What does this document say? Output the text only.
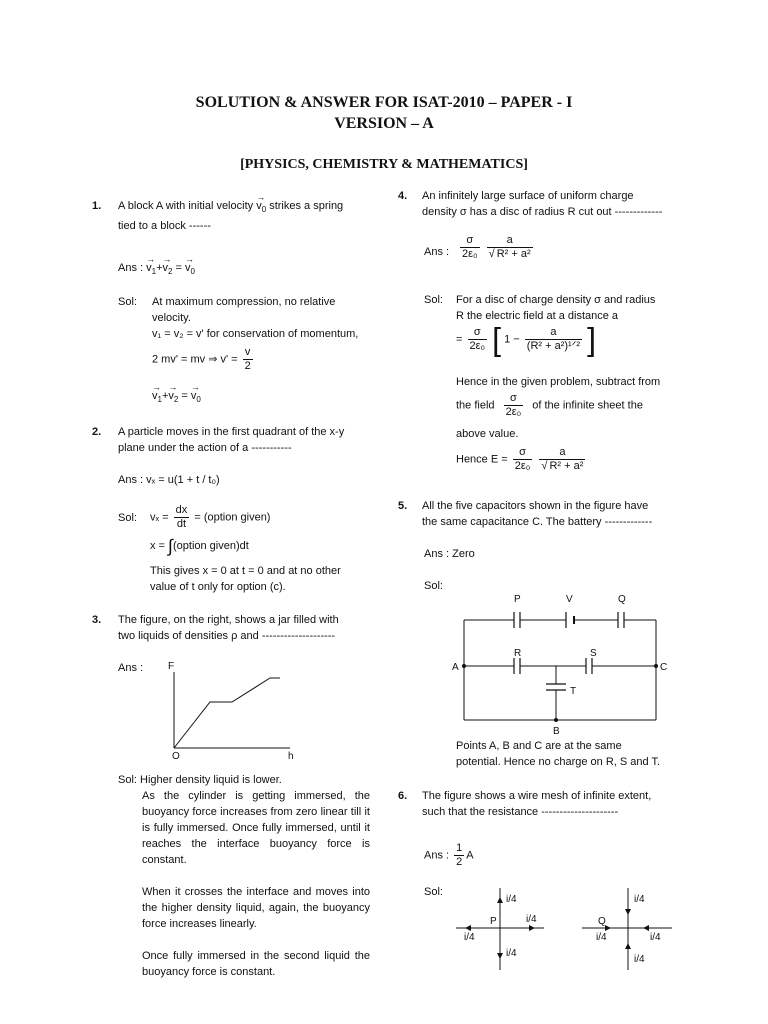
SOLUTION & ANSWER FOR ISAT-2010 – PAPER - I
VERSION – A
[PHYSICS, CHEMISTRY & MATHEMATICS]
1. A block A with initial velocity → $v_0$ strikes a spring
tied to a block ------
Ans : → $v_1+\to v_2$ = → $v_0$
Sol: At maximum compression, no relative
velocity.
v₁ = v₂ = v' for conservation of momentum,
2 mv' = mv ⇒ $v' = \frac{v}{2}$
→ $v_1+\to v_2$ = → $v_0$
2. A particle moves in the first quadrant of the x-y
plane under the action of a -----------
Ans : vₓ = u(1 + t / t₀)
Sol: $v_x = \frac{dx}{dt}$ = (option given)
x = ∫(option given)dt
This gives x = 0 at t = 0 and at no other
value of t only for option (c).
3. The figure, on the right, shows a jar filled with
two liquids of densities ρ and --------------------
Ans : F
O	h
Sol: Higher density liquid is lower.
As the cylinder is getting immersed, the buoyancy force increases from zero linear till it is fully immersed. Once fully immersed, until it reaches the interface buoyancy force is constant.
When it crosses the interface and moves into the higher density liquid, again, the buoyancy force increases linearly.
Once fully immersed in the second liquid the buoyancy force is constant.
4. An infinitely large surface of uniform charge
density σ has a disc of radius R cut out -------------
Ans : $\frac{\sigma}{\text{2ε₀}}$
$\frac{a}{\text{√ R² + a²}}$
Sol: For a disc of charge density σ and radius
R the electric field at a distance a
= $\frac{\sigma}{\text{2ε₀}}$ [ $1 - \frac{a}{\text{(R² + a²)¹ᐟ²}}$ ]
Hence in the given problem, subtract from
the field $\frac{\sigma}{\text{2ε₀}}$ of the infinite sheet the
above value.
Hence $E = \frac{\sigma}{\text{2ε₀}}$
$\frac{a}{\text{√ R² + a²}}$
5. All the five capacitors shown in the figure have
the same capacitance C. The battery -------------
Ans : Zero
Sol:
P	V	Q
R	S
A	C
T
B
Points A, B and C are at the same
potential. Hence no charge on R, S and T.
6. The figure shows a wire mesh of infinite extent,
such that the resistance ---------------------
Ans : $\frac{1}{2}$ A
Sol:
i/4
i/4
i/4
i/4
P
i/4
i/4
i/4
i/4
Q
